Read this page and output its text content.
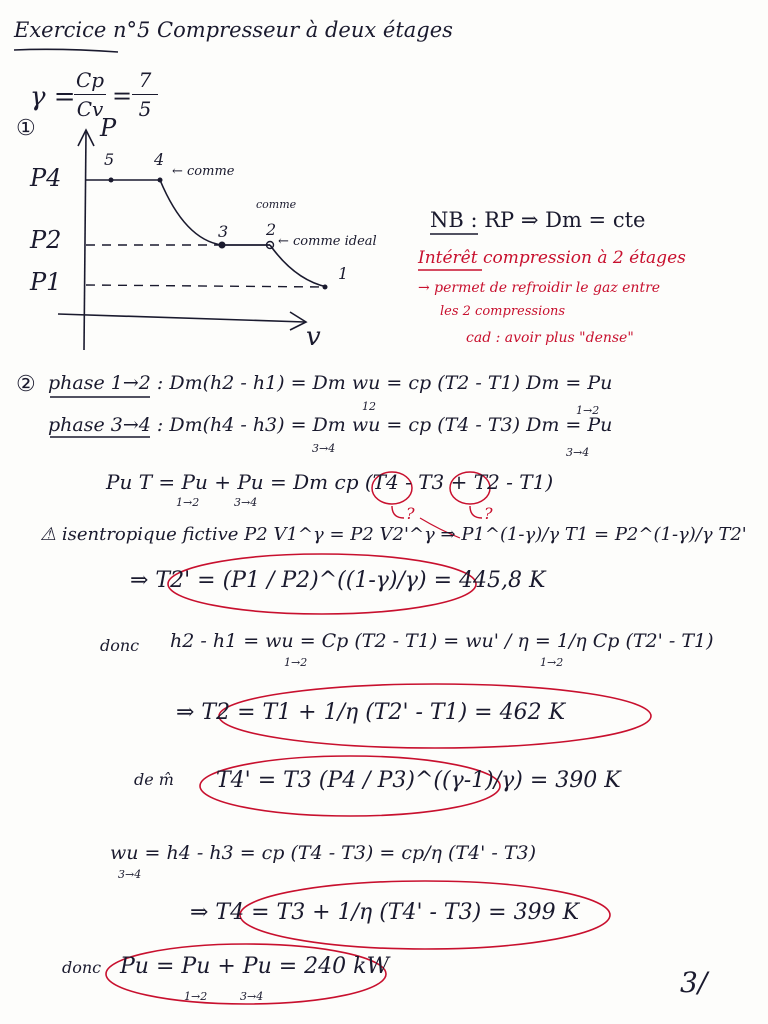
Exercice n°5 Compresseur à deux étages
γ =
Cp
Cv =
7
5
①	P
v
P4
P2
P1
5 4
3 2
1
← comme
comme
← comme ideal
NB : RP ⇒ Dm = cte
Intérêt compression à 2 étages
→ permet de refroidir le gaz entre
les 2 compressions
cad : avoir plus "dense"
② phase 1→2 : Dm(h2 - h1) = Dm wu = cp (T2 - T1) Dm = Pu
12	1→2
phase 3→4 : Dm(h4 - h3) = Dm wu = cp (T4 - T3) Dm = Pu
3→4	3→4
Pu T = Pu + Pu = Dm cp (T4 - T3 + T2 - T1)
1→2	3→4
?	?
⚠ isentropique fictive P2 V1^γ = P2 V2'^γ ⇒ P1^(1-γ)/γ T1 = P2^(1-γ)/γ T2'
⇒ T2' = (P1 / P2)^((1-γ)/γ) = 445,8 K
donc h2 - h1 = wu = Cp (T2 - T1) = wu' / η = 1/η Cp (T2' - T1)
1→2	1→2
⇒ T2 = T1 + 1/η (T2' - T1) = 462 K
de m̂ T4' = T3 (P4 / P3)^((γ-1)/γ) = 390 K
wu = h4 - h3 = cp (T4 - T3) = cp/η (T4' - T3)
3→4
⇒ T4 = T3 + 1/η (T4' - T3) = 399 K
donc Pu = Pu + Pu = 240 kW
1→2	3→4	3/
